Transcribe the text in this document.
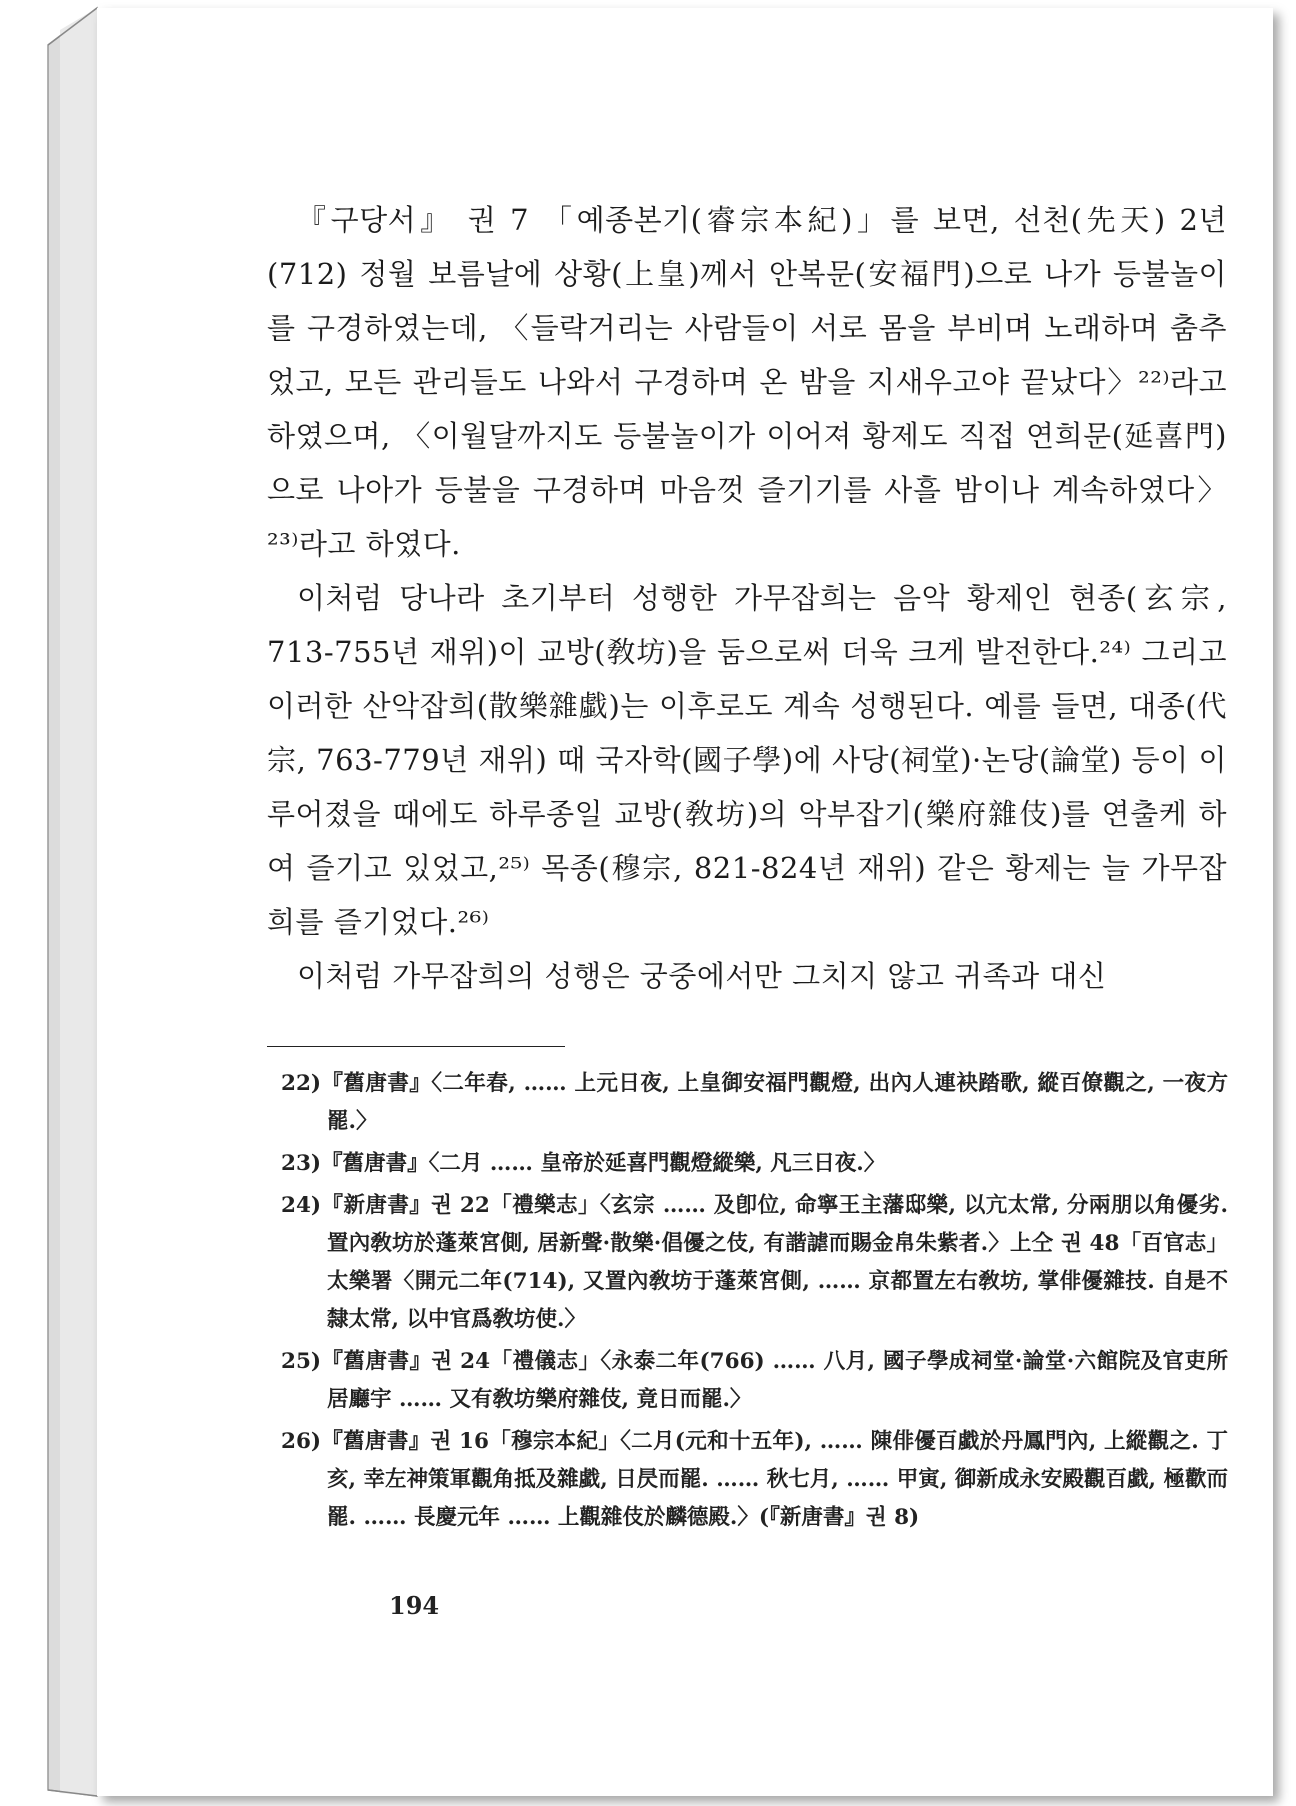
『구당서』 권 7 「예종본기(睿宗本紀)」를 보면, 선천(先天) 2년 (712) 정월 보름날에 상황(上皇)께서 안복문(安福門)으로 나가 등불놀이를 구경하였는데, 〈들락거리는 사람들이 서로 몸을 부비며 노래하며 춤추었고, 모든 관리들도 나와서 구경하며 온 밤을 지새우고야 끝났다〉²²⁾라고 하였으며, 〈이월달까지도 등불놀이가 이어져 황제도 직접 연희문(延喜門)으로 나아가 등불을 구경하며 마음껏 즐기기를 사흘 밤이나 계속하였다〉²³⁾라고 하였다.

이처럼 당나라 초기부터 성행한 가무잡희는 음악 황제인 현종(玄宗, 713-755년 재위)이 교방(敎坊)을 둠으로써 더욱 크게 발전한다.²⁴⁾ 그리고 이러한 산악잡희(散樂雜戱)는 이후로도 계속 성행된다. 예를 들면, 대종(代宗, 763-779년 재위) 때 국자학(國子學)에 사당(祠堂)·논당(論堂) 등이 이루어졌을 때에도 하루종일 교방(敎坊)의 악부잡기(樂府雜伎)를 연출케 하여 즐기고 있었고,²⁵⁾ 목종(穆宗, 821-824년 재위) 같은 황제는 늘 가무잡희를 즐기었다.²⁶⁾

이처럼 가무잡희의 성행은 궁중에서만 그치지 않고 귀족과 대신

22)『舊唐書』〈二年春, …… 上元日夜, 上皇御安福門觀燈, 出內人連袂踏歌, 縱百僚觀之, 一夜方罷.〉
23)『舊唐書』〈二月 …… 皇帝於延喜門觀燈縱樂, 凡三日夜.〉
24)『新唐書』권 22「禮樂志」〈玄宗 …… 及卽位, 命寧王主藩邸樂, 以亢太常, 分兩朋以角優劣. 置內敎坊於蓬萊宮側, 居新聲·散樂·倡優之伎, 有諧謔而賜金帛朱紫者.〉上仝 권 48「百官志」太樂署〈開元二年(714), 又置內敎坊于蓬萊宮側, …… 京都置左右敎坊, 掌俳優雜技. 自是不隸太常, 以中官爲敎坊使.〉
25)『舊唐書』권 24「禮儀志」〈永泰二年(766) …… 八月, 國子學成祠堂·論堂·六館院及官吏所居廳宇 …… 又有敎坊樂府雜伎, 竟日而罷.〉
26)『舊唐書』권 16「穆宗本紀」〈二月(元和十五年), …… 陳俳優百戱於丹鳳門內, 上縱觀之. 丁亥, 幸左神策軍觀角抵及雜戱, 日昃而罷. …… 秋七月, …… 甲寅, 御新成永安殿觀百戱, 極歡而罷. …… 長慶元年 …… 上觀雜伎於麟德殿.〉(『新唐書』권 8)
194
